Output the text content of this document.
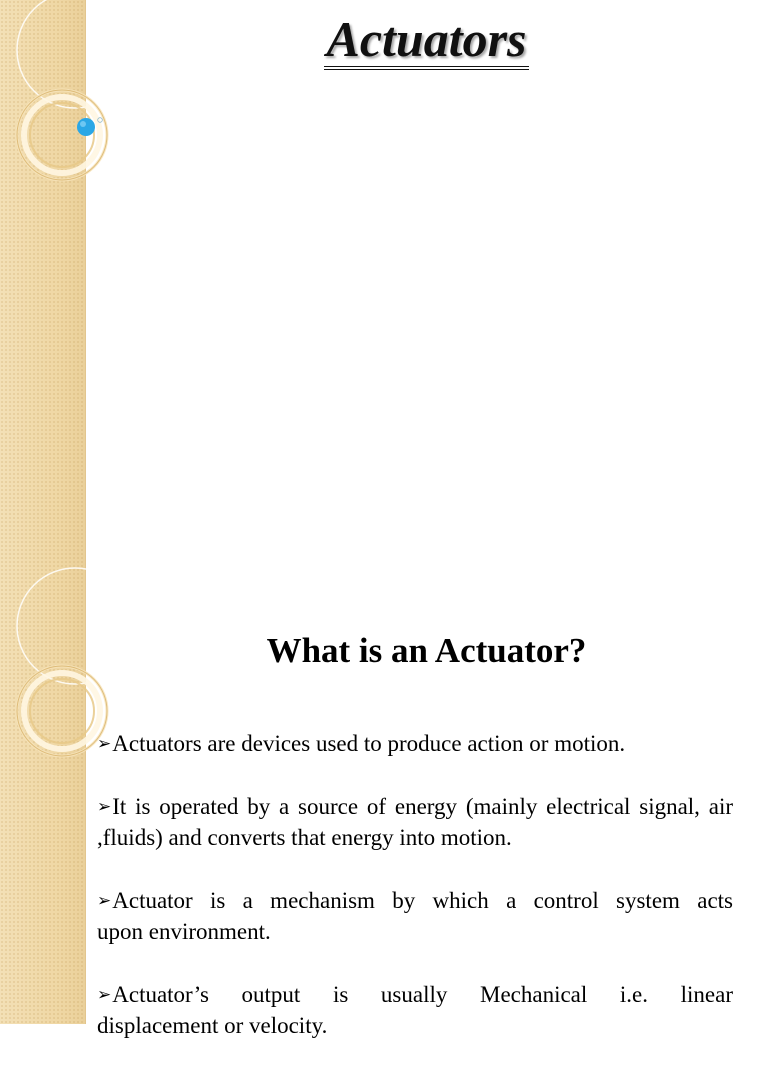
Actuators
What is an Actuator?
➢Actuators are devices used to produce action or motion.
➢It is operated by a source of energy (mainly electrical signal, air ,fluids) and converts that energy into motion.
➢Actuator  is  a  mechanism  by  which  a  control  system  acts  upon environment.
➢Actuator’s   output   is   usually   Mechanical   i.e.   linear displacement or velocity.
